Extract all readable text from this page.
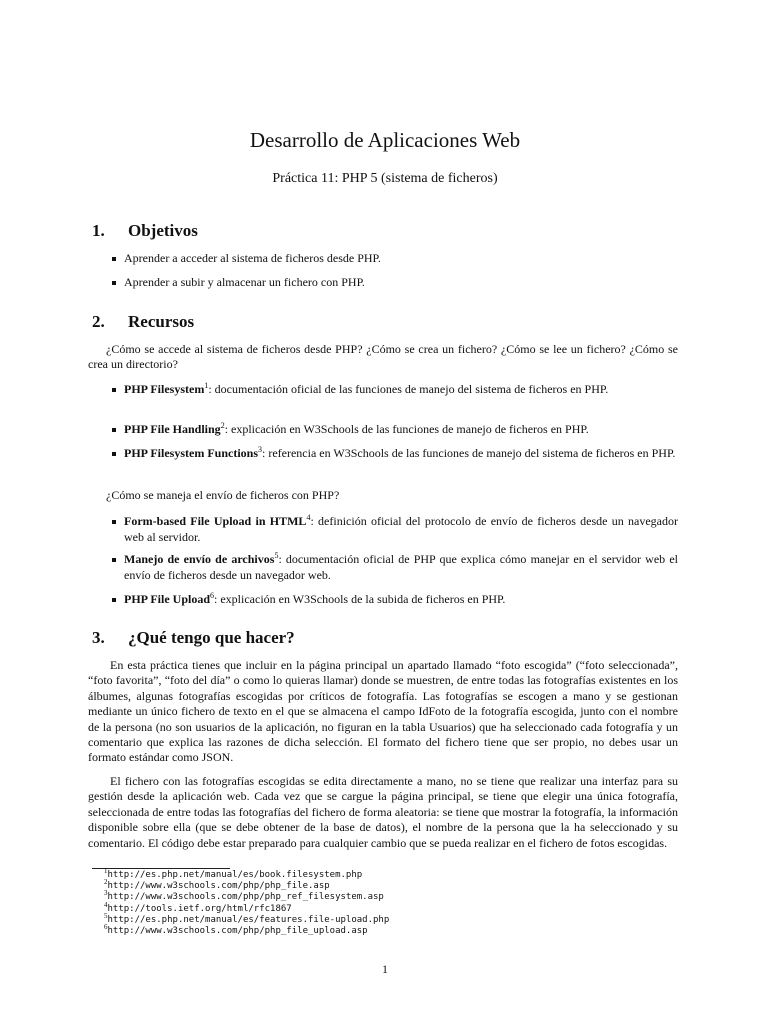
Desarrollo de Aplicaciones Web
Práctica 11: PHP 5 (sistema de ficheros)
1. Objetivos
Aprender a acceder al sistema de ficheros desde PHP.
Aprender a subir y almacenar un fichero con PHP.
2. Recursos
¿Cómo se accede al sistema de ficheros desde PHP? ¿Cómo se crea un fichero? ¿Cómo se lee un fichero? ¿Cómo se crea un directorio?
PHP Filesystem$^1$: documentación oficial de las funciones de manejo del sistema de ficheros en PHP.
PHP File Handling$^2$: explicación en W3Schools de las funciones de manejo de ficheros en PHP.
PHP Filesystem Functions$^3$: referencia en W3Schools de las funciones de manejo del sistema de ficheros en PHP.
¿Cómo se maneja el envío de ficheros con PHP?
Form-based File Upload in HTML$^4$: definición oficial del protocolo de envío de ficheros desde un navegador web al servidor.
Manejo de envío de archivos$^5$: documentación oficial de PHP que explica cómo manejar en el servidor web el envío de ficheros desde un navegador web.
PHP File Upload$^6$: explicación en W3Schools de la subida de ficheros en PHP.
3. ¿Qué tengo que hacer?
En esta práctica tienes que incluir en la página principal un apartado llamado “foto escogida” (“foto seleccionada”, “foto favorita”, “foto del día” o como lo quieras llamar) donde se muestren, de entre todas las fotografías existentes en los álbumes, algunas fotografías escogidas por críticos de fotografía. Las fotografías se escogen a mano y se gestionan mediante un único fichero de texto en el que se almacena el campo IdFoto de la fotografía escogida, junto con el nombre de la persona (no son usuarios de la aplicación, no figuran en la tabla Usuarios) que ha seleccionado cada fotografía y un comentario que explica las razones de dicha selección. El formato del fichero tiene que ser propio, no debes usar un formato estándar como JSON.
El fichero con las fotografías escogidas se edita directamente a mano, no se tiene que realizar una interfaz para su gestión desde la aplicación web. Cada vez que se cargue la página principal, se tiene que elegir una única fotografía, seleccionada de entre todas las fotografías del fichero de forma aleatoria: se tiene que mostrar la fotografía, la información disponible sobre ella (que se debe obtener de la base de datos), el nombre de la persona que la ha seleccionado y su comentario. El código debe estar preparado para cualquier cambio que se pueda realizar en el fichero de fotos escogidas.
$^1$http://es.php.net/manual/es/book.filesystem.php
$^2$http://www.w3schools.com/php/php_file.asp
$^3$http://www.w3schools.com/php/php_ref_filesystem.asp
$^4$http://tools.ietf.org/html/rfc1867
$^5$http://es.php.net/manual/es/features.file-upload.php
$^6$http://www.w3schools.com/php/php_file_upload.asp
1
